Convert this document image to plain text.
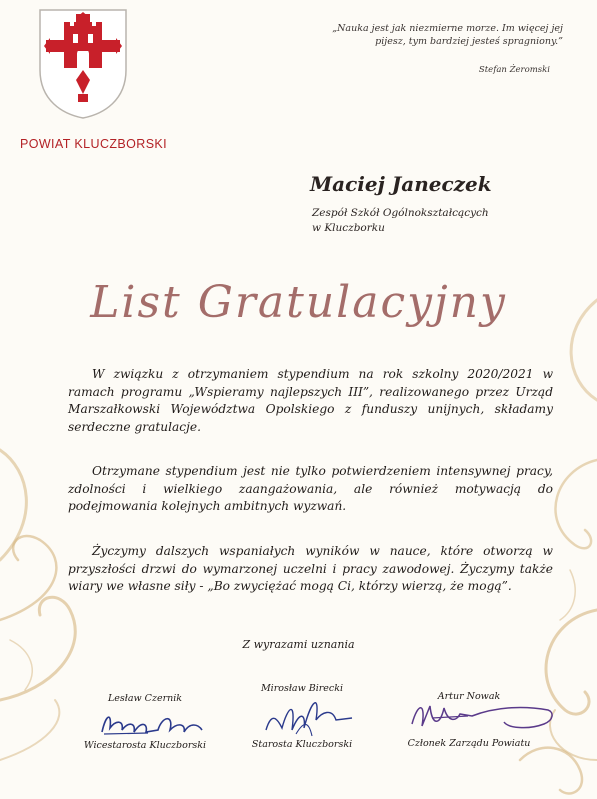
POWIAT KLUCZBORSKI
„Nauka jest jak niezmierne morze. Im więcej jej pijesz, tym bardziej jesteś spragniony.”
Stefan Żeromski
Maciej Janeczek
Zespół Szkół Ogólnokształcących
w Kluczborku
List Gratulacyjny
W związku z otrzymaniem stypendium na rok szkolny 2020/2021 w ramach programu „Wspieramy najlepszych III”, realizowanego przez Urząd Marszałkowski Województwa Opolskiego z funduszy unijnych, składamy serdeczne gratulacje.
Otrzymane stypendium jest nie tylko potwierdzeniem intensywnej pracy, zdolności i wielkiego zaangażowania, ale również motywacją do podejmowania kolejnych ambitnych wyzwań.
Życzymy dalszych wspaniałych wyników w nauce, które otworzą w przyszłości drzwi do wymarzonej uczelni i pracy zawodowej. Życzymy także wiary we własne siły - „Bo zwyciężać mogą Ci, którzy wierzą, że mogą”.
Z wyrazami uznania
Lesław Czernik
Wicestarosta Kluczborski
Mirosław Birecki
Starosta Kluczborski
Artur Nowak
Członek Zarządu Powiatu
